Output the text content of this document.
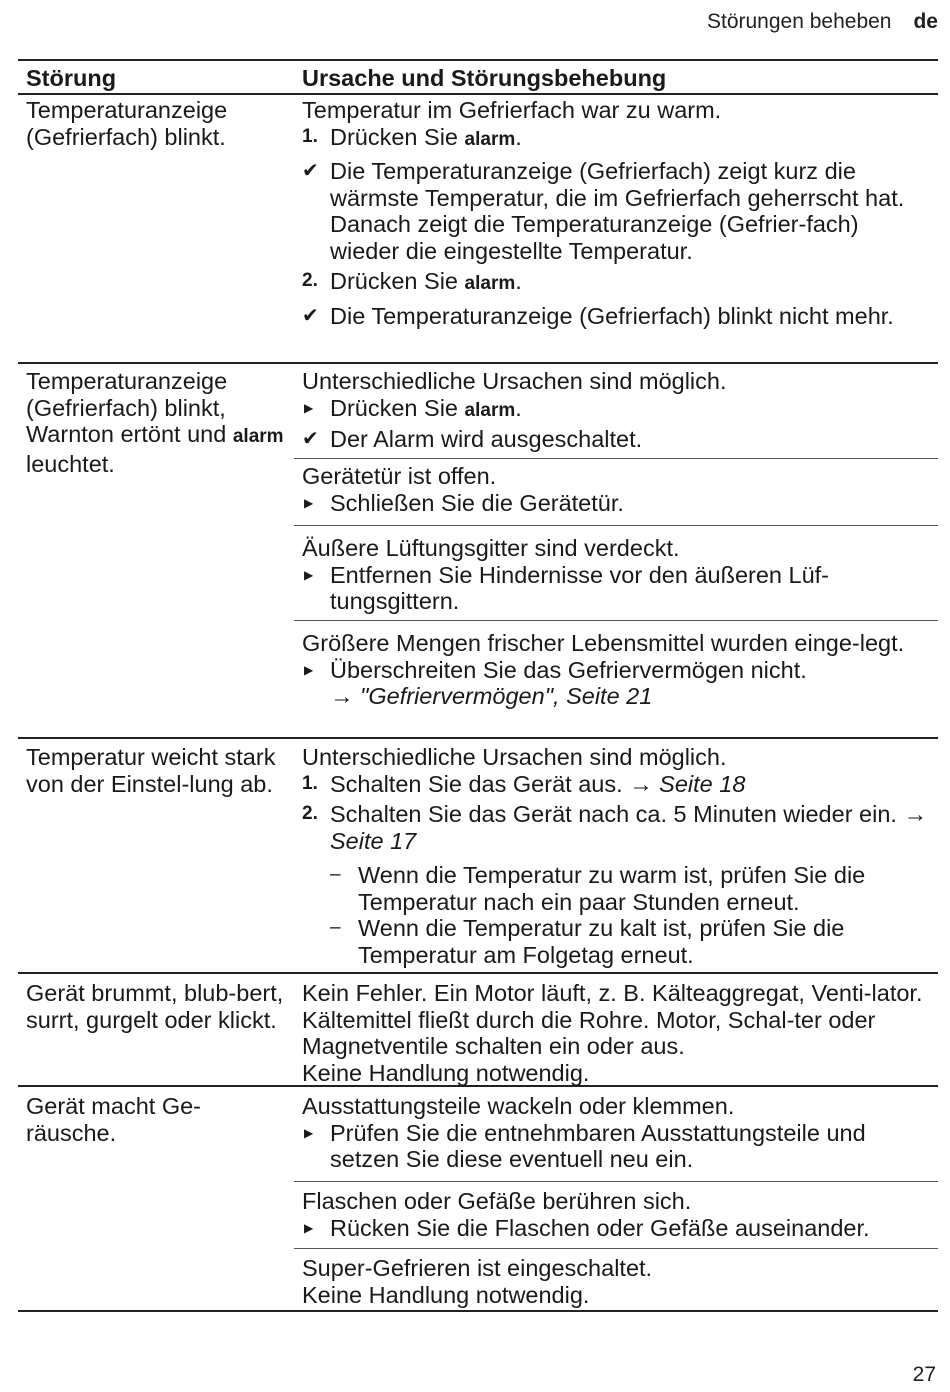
Störungen beheben de
Störung	Ursache und Störungsbehebung
Temperaturanzeige (Gefrierfach) blinkt.
Temperatur im Gefrierfach war zu warm.
1. Drücken Sie alarm.
✔ Die Temperaturanzeige (Gefrierfach) zeigt kurz die wärmste Temperatur, die im Gefrierfach geherrscht hat. Danach zeigt die Temperaturanzeige (Gefrier-fach) wieder die eingestellte Temperatur.
2. Drücken Sie alarm.
✔ Die Temperaturanzeige (Gefrierfach) blinkt nicht mehr.
Temperaturanzeige (Gefrierfach) blinkt, Warnton ertönt und alarm leuchtet.
Unterschiedliche Ursachen sind möglich.
▶ Drücken Sie alarm.
✔ Der Alarm wird ausgeschaltet.
Gerätetür ist offen.
▶ Schließen Sie die Gerätetür.
Äußere Lüftungsgitter sind verdeckt.
▶ Entfernen Sie Hindernisse vor den äußeren Lüf-tungsgittern.
Größere Mengen frischer Lebensmittel wurden einge-legt.
▶ Überschreiten Sie das Gefriervermögen nicht.
→
"Gefriervermögen", Seite 21
Temperatur weicht stark von der Einstel-lung ab.
Unterschiedliche Ursachen sind möglich.
1. Schalten Sie das Gerät aus. → Seite 18
2. Schalten Sie das Gerät nach ca. 5 Minuten wieder ein. → Seite 17
– Wenn die Temperatur zu warm ist, prüfen Sie die Temperatur nach ein paar Stunden erneut.
– Wenn die Temperatur zu kalt ist, prüfen Sie die Temperatur am Folgetag erneut.
Gerät brummt, blub-bert, surrt, gurgelt oder klickt.
Kein Fehler. Ein Motor läuft, z. B. Kälteaggregat, Venti-lator. Kältemittel fließt durch die Rohre. Motor, Schal-ter oder Magnetventile schalten ein oder aus.
Keine Handlung notwendig.
Gerät macht Ge-räusche.
Ausstattungsteile wackeln oder klemmen.
▶ Prüfen Sie die entnehmbaren Ausstattungsteile und setzen Sie diese eventuell neu ein.
Flaschen oder Gefäße berühren sich.
▶ Rücken Sie die Flaschen oder Gefäße auseinander.
Super-Gefrieren ist eingeschaltet.
Keine Handlung notwendig.
27
